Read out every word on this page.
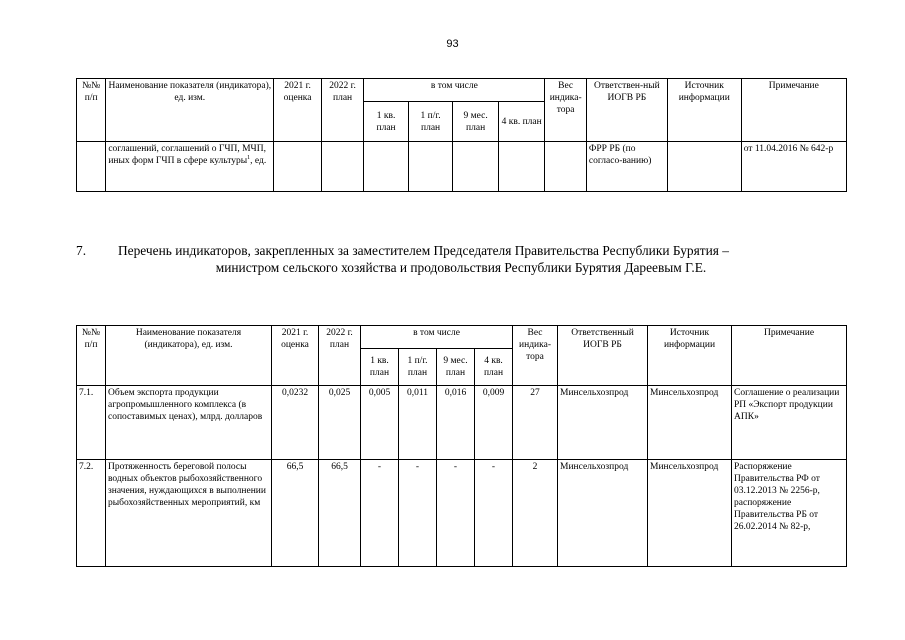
93
№№ п/п	Наименование показателя (индикатора), ед. изм.	2021 г. оценка	2022 г. план	в том числе				Вес индика-тора	Ответствен-ный ИОГВ РБ	Источник информации	Примечание
				1 кв. план	1 п/г. план	9 мес. план	4 кв. план				
	соглашений, соглашений о ГЧП, МЧП, иных форм ГЧП в сфере культуры$^1$, ед.								ФРР РБ (по согласо-ванию)		от 11.04.2016 № 642-р
7. Перечень индикаторов, закрепленных за заместителем Председателя Правительства Республики Бурятия –
министром сельского хозяйства и продовольствия Республики Бурятия Дареевым Г.Е.
№№ п/п	Наименование показателя (индикатора), ед. изм.	2021 г. оценка	2022 г. план	в том числе				Вес индика-тора	Ответственный ИОГВ РБ	Источник информации	Примечание
				1 кв. план	1 п/г. план	9 мес. план	4 кв. план				
7.1.	Объем экспорта продукции агропромышленного комплекса (в сопоставимых ценах), млрд. долларов	0,0232	0,025	0,005	0,011	0,016	0,009	27	Минсельхозпрод	Минсельхозпрод	Соглашение о реализации РП «Экспорт продукции АПК»
7.2.	Протяженность береговой полосы водных объектов рыбохозяйственного значения, нуждающихся в выполнении рыбохозяйственных мероприятий, км	66,5	66,5	-	-	-	-	2	Минсельхозпрод	Минсельхозпрод	Распоряжение Правительства РФ от 03.12.2013 № 2256-р, распоряжение Правительства РБ от 26.02.2014 № 82-р,
